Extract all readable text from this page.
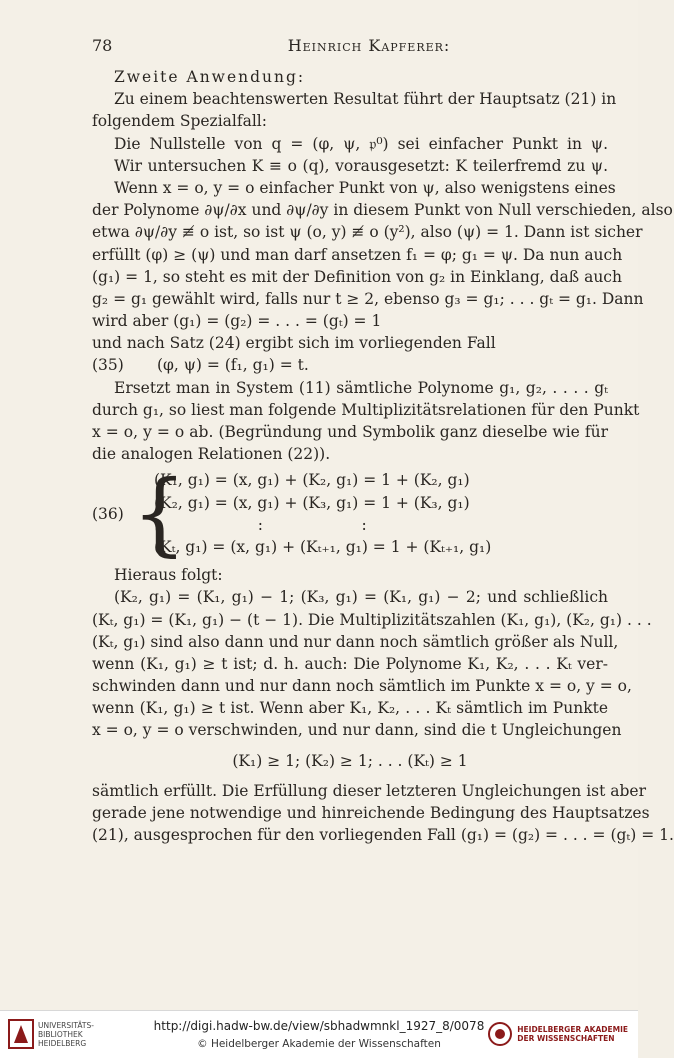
78	Heinrich Kapferer:
Zweite Anwendung:
Zu einem beachtenswerten Resultat führt der Hauptsatz (21) in
folgendem Spezialfall:
Die Nullstelle von q = (φ, ψ, 𝔭⁰) sei einfacher Punkt in ψ.
Wir untersuchen K ≡ o (q), vorausgesetzt: K teilerfremd zu ψ.
Wenn x = o, y = o einfacher Punkt von ψ, also wenigstens eines
der Polynome ∂ψ/∂x und ∂ψ/∂y in diesem Punkt von Null verschieden, also
etwa ∂ψ/∂y ≢ o ist, so ist ψ (o, y) ≢ o (y²), also (ψ) = 1. Dann ist sicher
erfüllt (φ) ≥ (ψ) und man darf ansetzen f₁ = φ; g₁ = ψ. Da nun auch
(g₁) = 1, so steht es mit der Definition von g₂ in Einklang, daß auch
g₂ = g₁ gewählt wird, falls nur t ≥ 2, ebenso g₃ = g₁; . . . gₜ = g₁. Dann
wird aber (g₁) = (g₂) = . . . = (gₜ) = 1
und nach Satz (24) ergibt sich im vorliegenden Fall
(35) (φ, ψ) = (f₁, g₁) = t.
Ersetzt man in System (11) sämtliche Polynome g₁, g₂, . . . . gₜ
durch g₁, so liest man folgende Multiplizitätsrelationen für den Punkt
x = o, y = o ab. (Begründung und Symbolik ganz dieselbe wie für
die analogen Relationen (22)).
(36) {
(K₁, g₁) = (x, g₁) + (K₂, g₁) = 1 + (K₂, g₁)
(K₂, g₁) = (x, g₁) + (K₃, g₁) = 1 + (K₃, g₁)
:                    :                    :
(Kₜ, g₁) = (x, g₁) + (Kₜ₊₁, g₁) = 1 + (Kₜ₊₁, g₁)
Hieraus folgt:
(K₂, g₁) = (K₁, g₁) − 1; (K₃, g₁) = (K₁, g₁) − 2; und schließlich
(Kₜ, g₁) = (K₁, g₁) − (t − 1). Die Multiplizitätszahlen (K₁, g₁), (K₂, g₁) . . .
(Kₜ, g₁) sind also dann und nur dann noch sämtlich größer als Null,
wenn (K₁, g₁) ≥ t ist; d. h. auch: Die Polynome K₁, K₂, . . . Kₜ ver-
schwinden dann und nur dann noch sämtlich im Punkte x = o, y = o,
wenn (K₁, g₁) ≥ t ist. Wenn aber K₁, K₂, . . . Kₜ sämtlich im Punkte
x = o, y = o verschwinden, und nur dann, sind die t Ungleichungen
(K₁) ≥ 1; (K₂) ≥ 1; . . . (Kₜ) ≥ 1
sämtlich erfüllt. Die Erfüllung dieser letzteren Ungleichungen ist aber
gerade jene notwendige und hinreichende Bedingung des Hauptsatzes
(21), ausgesprochen für den vorliegenden Fall (g₁) = (g₂) = . . . = (gₜ) = 1.
UNIVERSITÄTS-
BIBLIOTHEK
HEIDELBERG
http://digi.hadw-bw.de/view/sbhadwmnkl_1927_8/0078
© Heidelberger Akademie der Wissenschaften
HEIDELBERGER AKADEMIE
DER WISSENSCHAFTEN
